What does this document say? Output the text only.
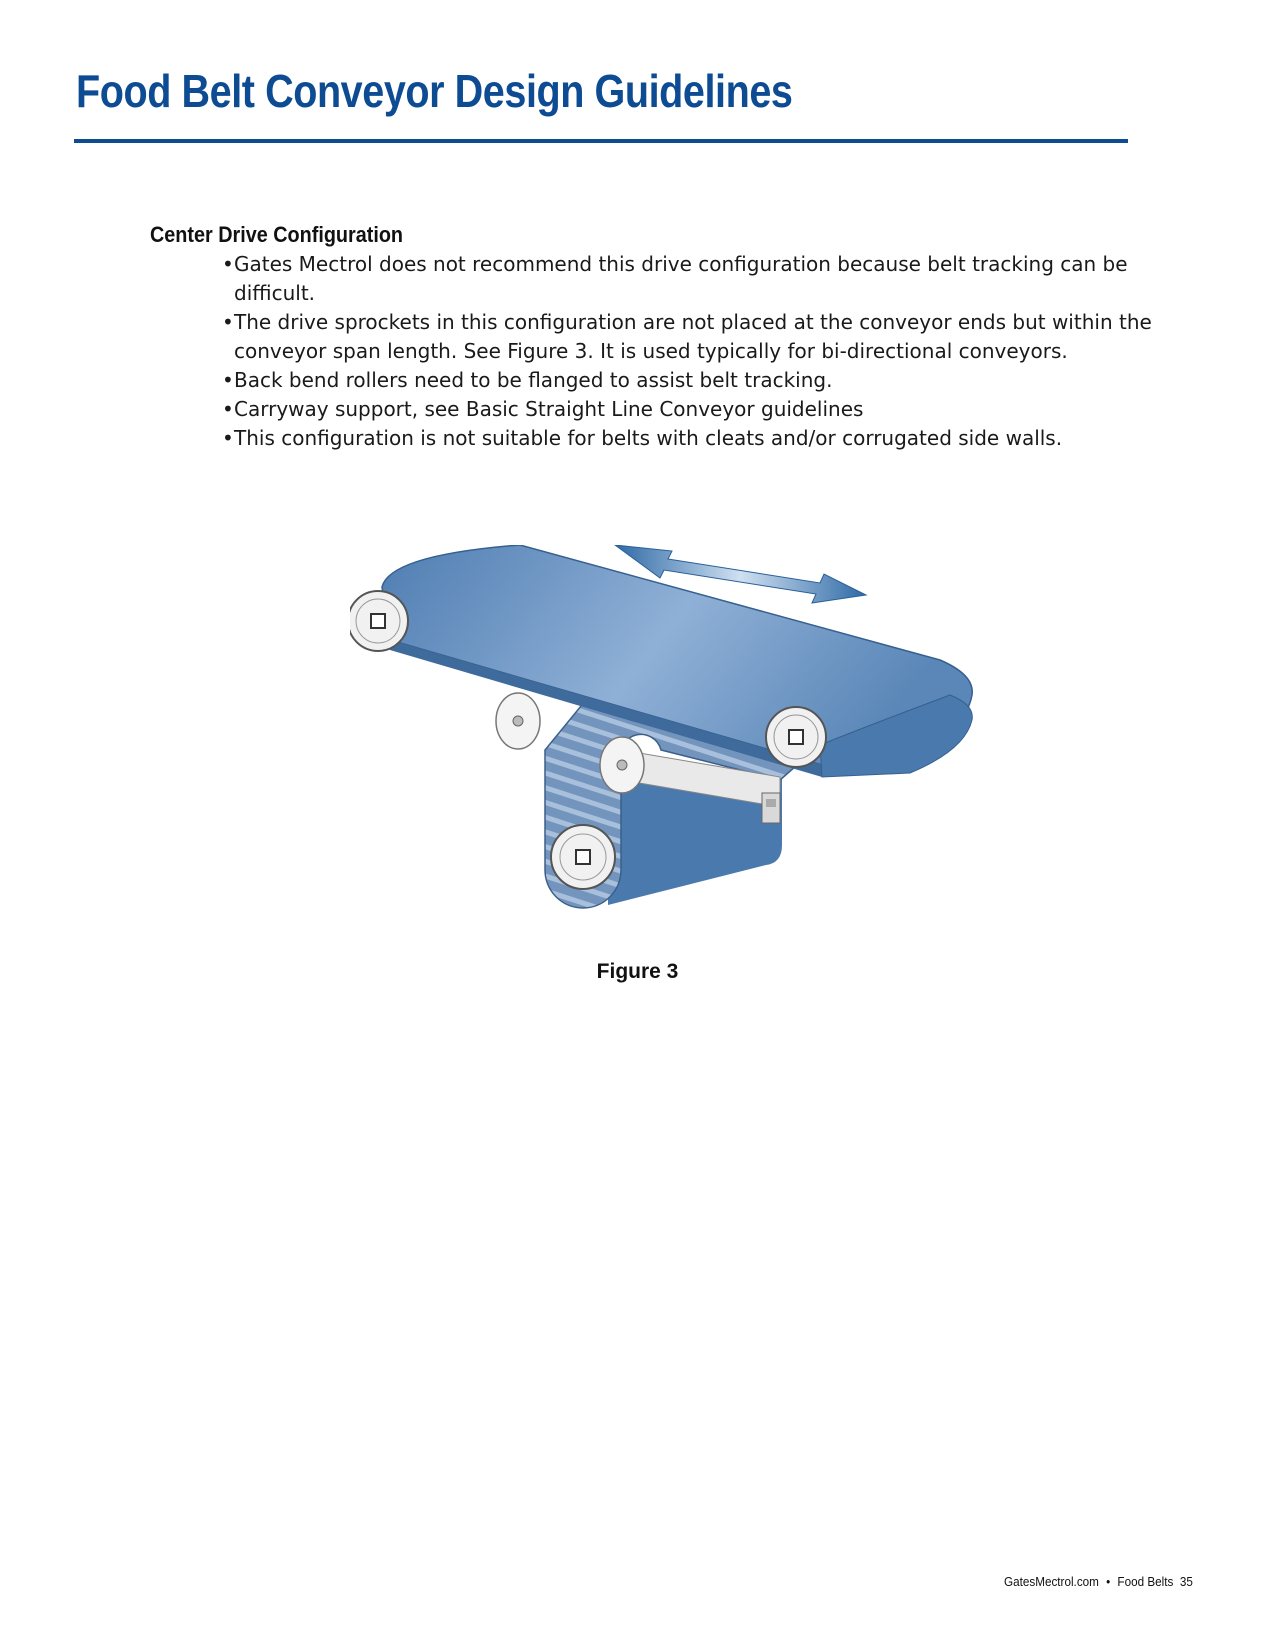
Food Belt Conveyor Design Guidelines
Center Drive Configuration
• Gates Mectrol does not recommend this drive configuration because belt tracking can be difficult.
• The drive sprockets in this configuration are not placed at the conveyor ends but within the conveyor span length. See Figure 3. It is used typically for bi-directional conveyors.
• Back bend rollers need to be flanged to assist belt tracking.
• Carryway support, see Basic Straight Line Conveyor guidelines
• This configuration is not suitable for belts with cleats and/or corrugated side walls.
Figure 3
GatesMectrol.com • Food Belts 35
